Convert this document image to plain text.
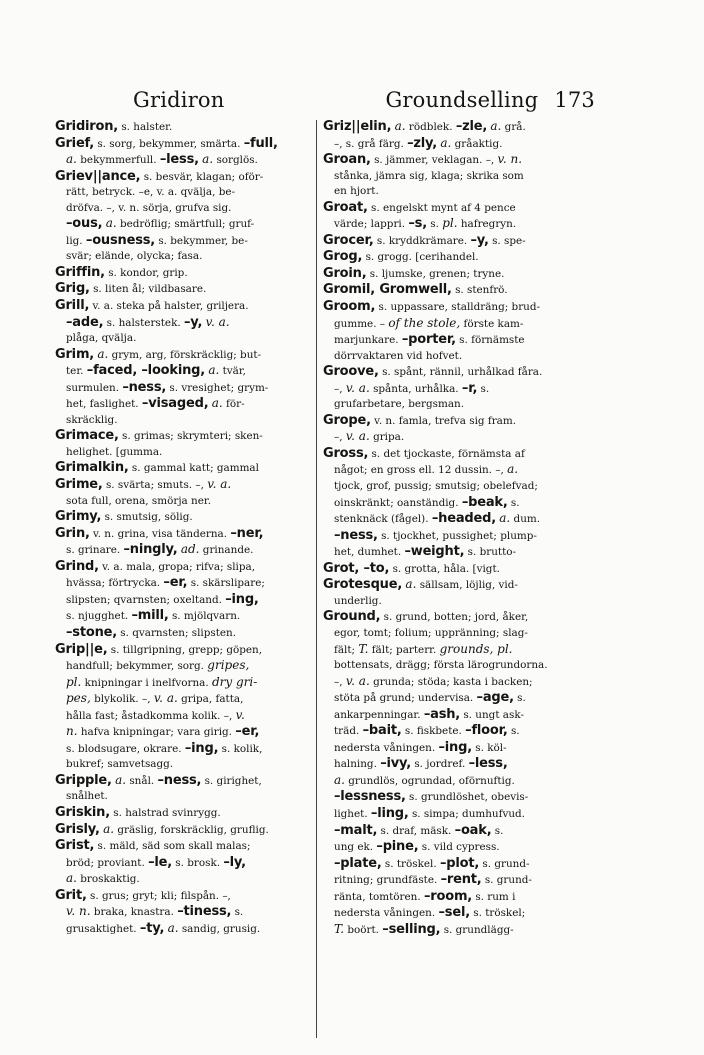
Gridiron	Groundselling 173
Gridiron, s. halster.
Grief, s. sorg, bekymmer, smärta. –full,
a. bekymmerfull. –less, a. sorglös.
Griev||ance, s. besvär, klagan; oför-
rätt, betryck. –e, v. a. qvälja, be-
dröfva. –, v. n. sörja, grufva sig.
–ous, a. bedröflig; smärtfull; gruf-
lig. –ousness, s. bekymmer, be-
svär; elände, olycka; fasa.
Griffin, s. kondor, grip.
Grig, s. liten ål; vildbasare.
Grill, v. a. steka på halster, griljera.
–ade, s. halsterstek. –y, v. a.
plåga, qvälja.
Grim, a. grym, arg, förskräcklig; but-
ter. –faced, –looking, a. tvär,
surmulen. –ness, s. vresighet; grym-
het, faslighet. –visaged, a. för-
skräcklig.
Grimace, s. grimas; skrymteri; sken-
helighet. [gumma.
Grimalkin, s. gammal katt; gammal
Grime, s. svärta; smuts. –, v. a.
sota full, orena, smörja ner.
Grimy, s. smutsig, sölig.
Grin, v. n. grina, visa tänderna. –ner,
s. grinare. –ningly, ad. grinande.
Grind, v. a. mala, gropa; rifva; slipa,
hvässa; förtrycka. –er, s. skärslipare;
slipsten; qvarnsten; oxeltand. –ing,
s. njugghet. –mill, s. mjölqvarn.
–stone, s. qvarnsten; slipsten.
Grip||e, s. tillgripning, grepp; göpen,
handfull; bekymmer, sorg. gripes,
pl. knipningar i inelfvorna. dry gri-
pes, blykolik. –, v. a. gripa, fatta,
hålla fast; åstadkomma kolik. –, v.
n. hafva knipningar; vara girig. –er,
s. blodsugare, okrare. –ing, s. kolik,
bukref; samvetsagg.
Gripple, a. snål. –ness, s. girighet,
snålhet.
Griskin, s. halstrad svinrygg.
Grisly, a. gräslig, forskräcklig, gruflig.
Grist, s. mäld, säd som skall malas;
bröd; proviant. –le, s. brosk. –ly,
a. broskaktig.
Grit, s. grus; gryt; kli; filspån. –,
v. n. braka, knastra. –tiness, s.
grusaktighet. –ty, a. sandig, grusig.
Griz||elin, a. rödblek. –zle, a. grå.
–, s. grå färg. –zly, a. gråaktig.
Groan, s. jämmer, veklagan. –, v. n.
stånka, jämra sig, klaga; skrika som
en hjort.
Groat, s. engelskt mynt af 4 pence
värde; lappri. –s, s. pl. hafregryn.
Grocer, s. kryddkrämare. –y, s. spe-
Grog, s. grogg. [cerihandel.
Groin, s. ljumske, grenen; tryne.
Gromil, Gromwell, s. stenfrö.
Groom, s. uppassare, stalldräng; brud-
gumme. – of the stole, förste kam-
marjunkare. –porter, s. förnämste
dörrvaktaren vid hofvet.
Groove, s. spånt, rännil, urhålkad fåra.
–, v. a. spånta, urhålka. –r, s.
grufarbetare, bergsman.
Grope, v. n. famla, trefva sig fram.
–, v. a. gripa.
Gross, s. det tjockaste, förnämsta af
något; en gross ell. 12 dussin. –, a.
tjock, grof, pussig; smutsig; obelefvad;
oinskränkt; oanständig. –beak, s.
stenknäck (fågel). –headed, a. dum.
–ness, s. tjockhet, pussighet; plump-
het, dumhet. –weight, s. brutto-
Grot, –to, s. grotta, håla. [vigt.
Grotesque, a. sällsam, löjlig, vid-
underlig.
Ground, s. grund, botten; jord, åker,
egor, tomt; folium; uppränning; slag-
fält; T. fält; parterr. grounds, pl.
bottensats, drägg; första lärogrundorna.
–, v. a. grunda; stöda; kasta i backen;
stöta på grund; undervisa. –age, s.
ankarpenningar. –ash, s. ungt ask-
träd. –bait, s. fiskbete. –floor, s.
nedersta våningen. –ing, s. köl-
halning. –ivy, s. jordref. –less,
a. grundlös, ogrundad, oförnuftig.
–lessness, s. grundlöshet, obevis-
lighet. –ling, s. simpa; dumhufvud.
–malt, s. draf, mäsk. –oak, s.
ung ek. –pine, s. vild cypress.
–plate, s. tröskel. –plot, s. grund-
ritning; grundfäste. –rent, s. grund-
ränta, tomtören. –room, s. rum i
nedersta våningen. –sel, s. tröskel;
T. boört. –selling, s. grundlägg-
